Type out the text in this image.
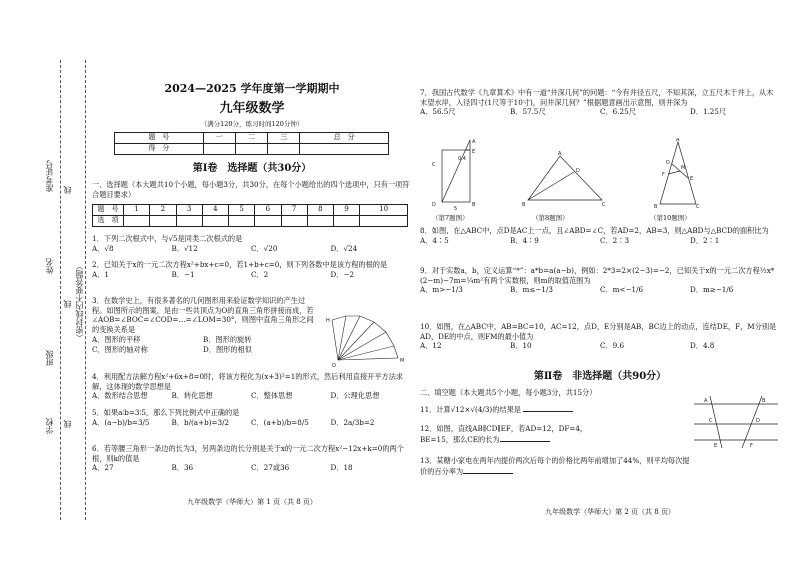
准考证号 线
姓名
线 （密封线内不要答题）
班级
学校 线
2024—2025 学年度第一学期期中
九年级数学
（满分120分，练习时间120分钟）
题　号	一	二	三	总　分
得　分				
第Ⅰ卷　选择题（共30分）
一、选择题（本大题共10个小题，每小题3分，共30分，在每个小题给出的四个选项中，只有一项符合题目要求）
题　号	1	2	3	4	5	6	7	8	9	10
选　项										
1．下列二次根式中，与√5是同类二次根式的是
A．√8	B．√12	C．√20	D．√24
2．已知关于x的一元二次方程x²+bx+c=0，若1+b+c=0，则下列各数中是该方程的根的是
A．1	B．−1	C．2	D．−2
3．在数学史上，有很多著名的几何图形用来验证数学知识的产生过程。如图所示的图案，是由一些共顶点为O的直角三角形拼接而成，若∠AOB=∠BOC=∠COD=…=∠LOM=30°，则图中直角三角形之间的变换关系是
A．图形的平移	B．图形的旋转
C．图形的轴对称	D．图形的相似
O
M
H
4．利用配方法解方程x²+6x+8=0时，将该方程化为(x+3)²=1的形式，然后利用直接开平方法求解，这体现的数学思想是
A．数形结合思想	B．转化思想	C．整体思想	D．公理化思想
5．如果a∶b=3∶5，那么下列比例式中正确的是
A．(a−b)/b=3/5	B．b/(a+b)=3/2	C．(a+b)/b=8/5	D．2a/3b=2
6．若等腰三角形一条边的长为3，另两条边的长分别是关于x的一元二次方程x²−12x+k=0的两个根，则k的值是
A．27	B．36	C．27或36	D．18
九年级数学（华师大）第 1 页（共 8 页）
7．我国古代数学《九章算术》中有一道“井深几何”的问题：“今有井径五尺，不知其深，立五尺木于井上，从木末望水岸，入径四寸(1尺等于10寸)，问井深几何？”根据题意画出示意图，则井深为
A．56.5尺	B．57.5尺	C．6.25尺	D．1.25尺
A
C
D	B
E
0.4
5
（第7题图）
A
B	C
D
（第8题图）
A
B	C
D
E
F
M
（第10题图）
8．如图，在△ABC中，点D是AC上一点，且∠ABD=∠C，若AD=2，AB=3，则△ABD与△BCD的面积比为
A．4∶5	B．4∶9	C．2∶3	D．2∶1
9．对于实数a，b，定义运算“*”：a*b=a(a−b)，例如：2*3=2×(2−3)=−2，已知关于x的一元二次方程½x*(2−m)−7m=¼m²有两个实数根，则m的取值范围为
A．m>−1/3	B．m≤−1/3	C．m<−1/6	D．m≥−1/6
10．如图，在△ABC中，AB=BC=10，AC=12，点D，E分别是AB，BC边上的动点，连结DE，F，M分别是AD，DE的中点，则FM的最小值为
A．12	B．10	C．9.6	D．4.8
第Ⅱ卷　非选择题（共90分）
二、填空题（本大题共5个小题，每小题3分，共15分）
11．计算√12×√(4/3)的结果是
12．如图，直线AB∥CD∥EF，若AD=12，DF=4，
BE=15，那么CE的长为
A	B
C	D
E	F
13．某糖小家电在两年内提价两次后每个的价格比两年前增加了44%，则平均每次提
价的百分率为
九年级数学（华师大）第 2 页（共 8 页）
